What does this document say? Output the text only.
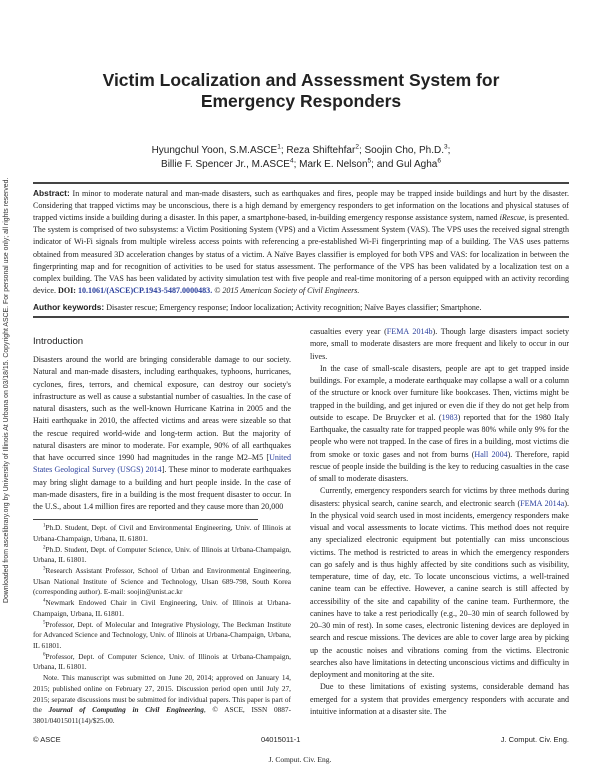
Downloaded from ascelibrary.org by University of Illinois At Urbana on 03/18/15. Copyright ASCE. For personal use only; all rights reserved.
Victim Localization and Assessment System for
Emergency Responders
Hyungchul Yoon, S.M.ASCE$^1$; Reza Shiftehfar$^2$; Soojin Cho, Ph.D.$^3$;
Billie F. Spencer Jr., M.ASCE$^4$; Mark E. Nelson$^5$; and Gul Agha$^6$
Abstract: In minor to moderate natural and man-made disasters, such as earthquakes and fires, people may be trapped inside buildings and hurt by the disaster. Considering that trapped victims may be unconscious, there is a high demand by emergency responders to get information on the locations and physical statuses of trapped victims inside a building during a disaster. In this paper, a smartphone-based, in-building emergency response assistance system, named iRescue, is presented. The system is comprised of two subsystems: a Victim Positioning System (VPS) and a Victim Assessment System (VAS). The VPS uses the received signal strength indicator of Wi-Fi signals from multiple wireless access points with referencing a pre-established Wi-Fi fingerprinting map of a building. The VAS uses patterns obtained from measured 3D acceleration changes by status of a victim. A Naïve Bayes classifier is employed for both VPS and VAS: for localization in between the fingerprinting map and for recognition of activities to be used for status assessment. The performance of the VPS has been validated by a localization test on a complex building. The VAS has been validated by activity simulation test with five people and real-time monitoring of a person equipped with an activity recording device. DOI: 10.1061/(ASCE)CP.1943-5487.0000483. © 2015 American Society of Civil Engineers.
Author keywords: Disaster rescue; Emergency response; Indoor localization; Activity recognition; Naïve Bayes classifier; Smartphone.
Introduction

Disasters around the world are bringing considerable damage to our society. Natural and man-made disasters, including earthquakes, typhoons, hurricanes, cyclones, fires, terrors, and chemical exposure, can destroy our society's infrastructure as well as cause a substantial number of casualties. In the case of natural disasters, such as the well-known Hurricane Katrina in 2005 and the Haiti earthquake in 2010, the affected victims and areas were sizeable so that the rescue required world-wide and long-term action. But the majority of natural disasters are minor to moderate. For example, 90% of all earthquakes that have occurred since 1990 had magnitudes in the range M2–M5 [United States Geological Survey (USGS) 2014]. These minor to moderate earthquakes may bring slight damage to a building and hurt people inside. In the case of man-made disasters, fire in a building is the most frequent disaster to occur. In the U.S., about 1.4 million fires are reported and they cause more than 20,000

$^1$Ph.D. Student, Dept. of Civil and Environmental Engineering, Univ. of Illinois at Urbana-Champaign, Urbana, IL 61801.

$^2$Ph.D. Student, Dept. of Computer Science, Univ. of Illinois at Urbana-Champaign, Urbana, IL 61801.

$^3$Research Assistant Professor, School of Urban and Environmental Engineering, Ulsan National Institute of Science and Technology, Ulsan 689-798, South Korea (corresponding author). E-mail: soojin@unist.ac.kr

$^4$Newmark Endowed Chair in Civil Engineering, Univ. of Illinois at Urbana-Champaign, Urbana, IL 61801.

$^5$Professor, Dept. of Molecular and Integrative Physiology, The Beckman Institute for Advanced Science and Technology, Univ. of Illinois at Urbana-Champaign, Urbana, IL 61801.

$^6$Professor, Dept. of Computer Science, Univ. of Illinois at Urbana-Champaign, Urbana, IL 61801.

Note. This manuscript was submitted on June 20, 2014; approved on January 14, 2015; published online on February 27, 2015. Discussion period open until July 27, 2015; separate discussions must be submitted for individual papers. This paper is part of the Journal of Computing in Civil Engineering, © ASCE, ISSN 0887-3801/04015011(14)/$25.00.

casualties every year (FEMA 2014b). Though large disasters impact society more, small to moderate disasters are more frequent and likely to occur in our lives.

In the case of small-scale disasters, people are apt to get trapped inside buildings. For example, a moderate earthquake may collapse a wall or a column of the structure or knock over furniture like bookcases. Then, victims might be trapped in the building, and get injured or even die if they do not get help from outside to escape. De Bruycker et al. (1983) reported that for the 1980 Italy Earthquake, the casualty rate for trapped people was 80% while only 9% for the people who were not trapped. In the case of fires in a building, most victims die from smoke or toxic gases and not from burns (Hall 2004). Therefore, rapid rescue of people inside the building is the key to reducing casualties in the case of small to moderate disasters.

Currently, emergency responders search for victims by three methods during disasters: physical search, canine search, and electronic search (FEMA 2014a). In the physical void search used in most incidents, emergency responders make visual and vocal assessments to locate victims. This method does not require any specialized electronic equipment but potentially can miss unconscious victims. The method is restricted to areas in which the emergency responders can go safely and is thus highly affected by site conditions such as visibility, temperature, time of day, etc. To locate unconscious victims, a well-trained canine team can be effective. However, a canine search is still affected by accessibility of the site and capability of the canine team. Furthermore, the canines have to take a rest periodically (e.g., 20–30 min of search followed by 20–30 min of rest). In some cases, electronic listening devices are deployed in search and rescue missions. The devices are able to cover large area by picking up the acoustic noises and vibrations coming from the victims. Electronic searches also have limitations in detecting unconscious victims and difficulty in deployment and monitoring at the site.

Due to these limitations of existing systems, considerable demand has emerged for a system that provides emergency responders with accurate and intuitive information at a disaster site. The

© ASCE	04015011-1	J. Comput. Civ. Eng.
J. Comput. Civ. Eng.
